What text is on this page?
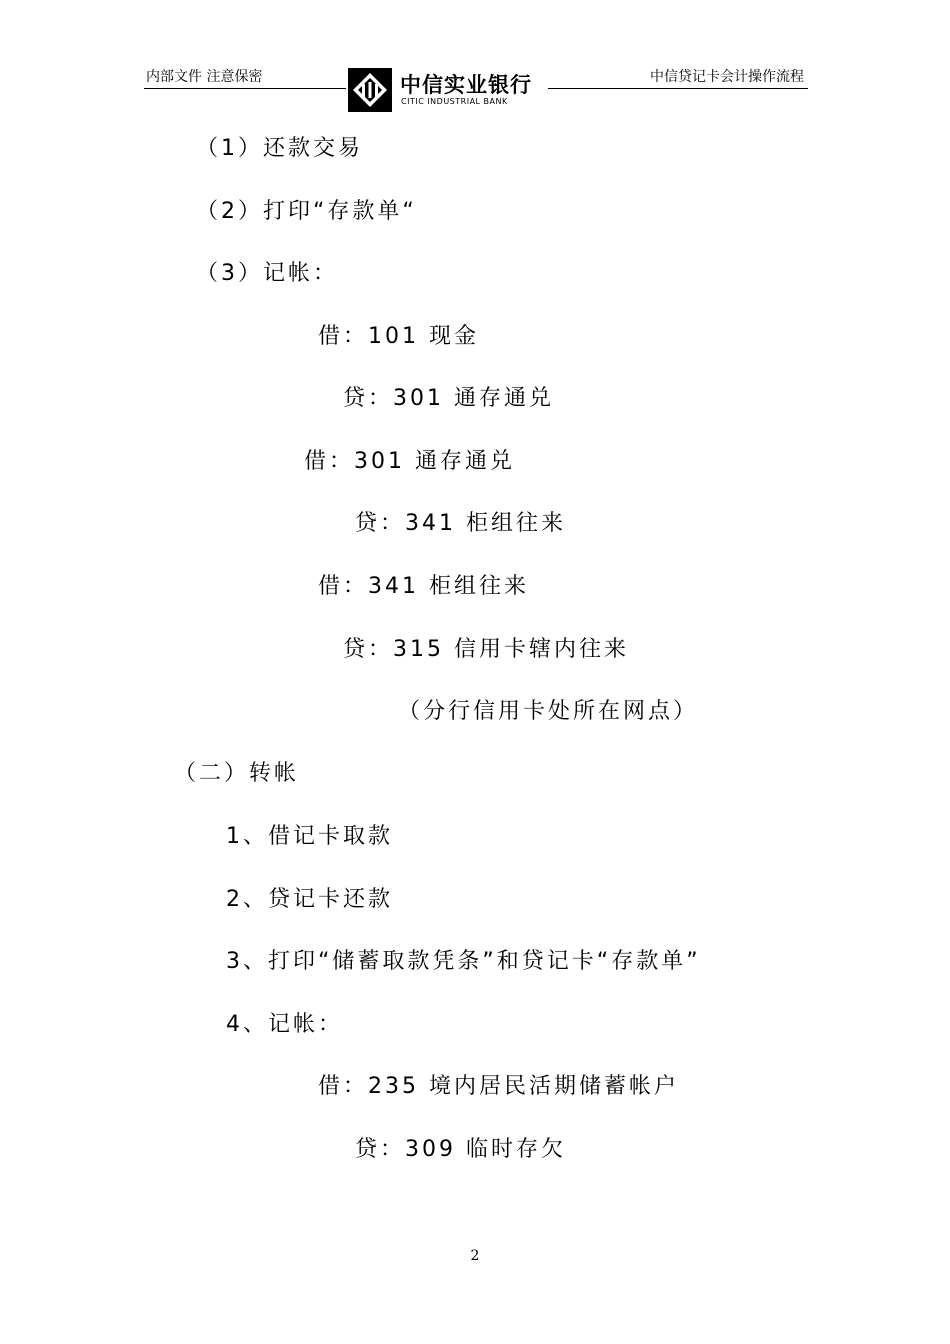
内部文件 注意保密	中信贷记卡会计操作流程
中信实业银行
CITIC INDUSTRIAL BANK
（1）还款交易
（2）打印“存款单“
（3）记帐：
借：101 现金
贷：301 通存通兑
借：301 通存通兑
贷：341 柜组往来
借：341 柜组往来
贷：315 信用卡辖内往来
（分行信用卡处所在网点）
（二）转帐
1、借记卡取款
2、贷记卡还款
3、打印“储蓄取款凭条”和贷记卡“存款单”
4、记帐：
借：235 境内居民活期储蓄帐户
贷：309 临时存欠
2
